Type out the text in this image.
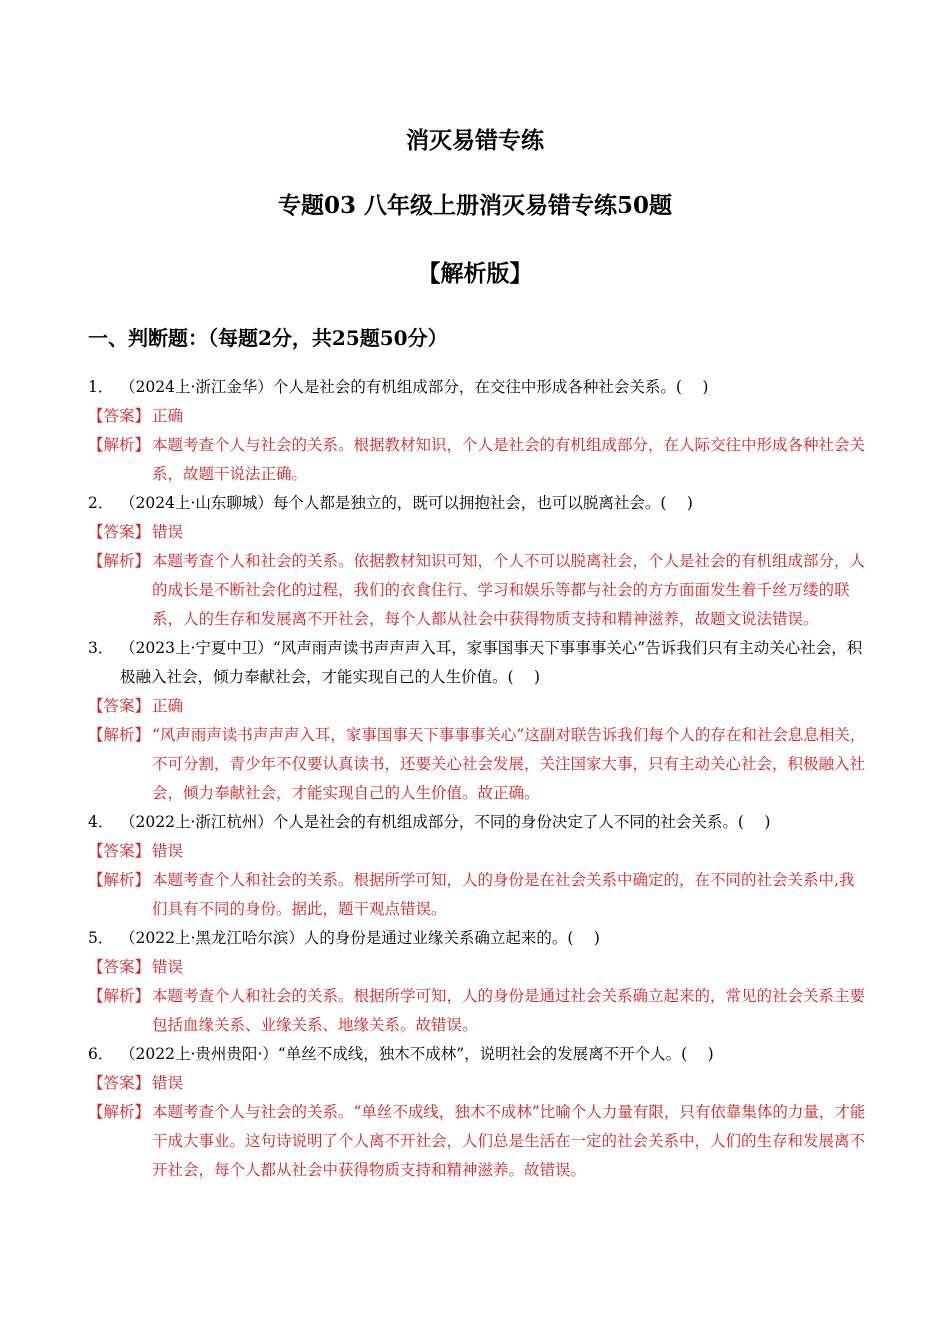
消灭易错专练
专题03 八年级上册消灭易错专练50题
【解析版】
一、判断题：（每题2分，共25题50分）
1． （2024上·浙江金华）个人是社会的有机组成部分，在交往中形成各种社会关系。(　 )
【答案】 正确
【解析】 本题考查个人与社会的关系。根据教材知识，个人是社会的有机组成部分，在人际交往中形成各种社会关系，故题干说法正确。
2． （2024上·山东聊城）每个人都是独立的，既可以拥抱社会，也可以脱离社会。(　 )
【答案】 错误
【解析】 本题考查个人和社会的关系。依据教材知识可知，个人不可以脱离社会，个人是社会的有机组成部分，人的成长是不断社会化的过程，我们的衣食住行、学习和娱乐等都与社会的方方面面发生着千丝万缕的联系，人的生存和发展离不开社会，每个人都从社会中获得物质支持和精神滋养，故题文说法错误。
3． （2023上·宁夏中卫）“风声雨声读书声声声入耳，家事国事天下事事事关心”告诉我们只有主动关心社会，积极融入社会，倾力奉献社会，才能实现自己的人生价值。(　 )
【答案】 正确
【解析】 “风声雨声读书声声声入耳，家事国事天下事事事关心”这副对联告诉我们每个人的存在和社会息息相关，不可分割，青少年不仅要认真读书，还要关心社会发展，关注国家大事，只有主动关心社会，积极融入社会，倾力奉献社会，才能实现自己的人生价值。故正确。
4． （2022上·浙江杭州）个人是社会的有机组成部分，不同的身份决定了人不同的社会关系。(　 )
【答案】 错误
【解析】 本题考查个人和社会的关系。根据所学可知，人的身份是在社会关系中确定的，在不同的社会关系中,我们具有不同的身份。据此，题干观点错误。
5． （2022上·黑龙江哈尔滨）人的身份是通过业缘关系确立起来的。(　 )
【答案】 错误
【解析】 本题考查个人和社会的关系。根据所学可知，人的身份是通过社会关系确立起来的，常见的社会关系主要包括血缘关系、业缘关系、地缘关系。故错误。
6． （2022上·贵州贵阳·）“单丝不成线，独木不成林”，说明社会的发展离不开个人。(　 )
【答案】 错误
【解析】 本题考查个人与社会的关系。“单丝不成线，独木不成林”比喻个人力量有限，只有依靠集体的力量，才能干成大事业。这句诗说明了个人离不开社会，人们总是生活在一定的社会关系中，人们的生存和发展离不开社会，每个人都从社会中获得物质支持和精神滋养。故错误。
